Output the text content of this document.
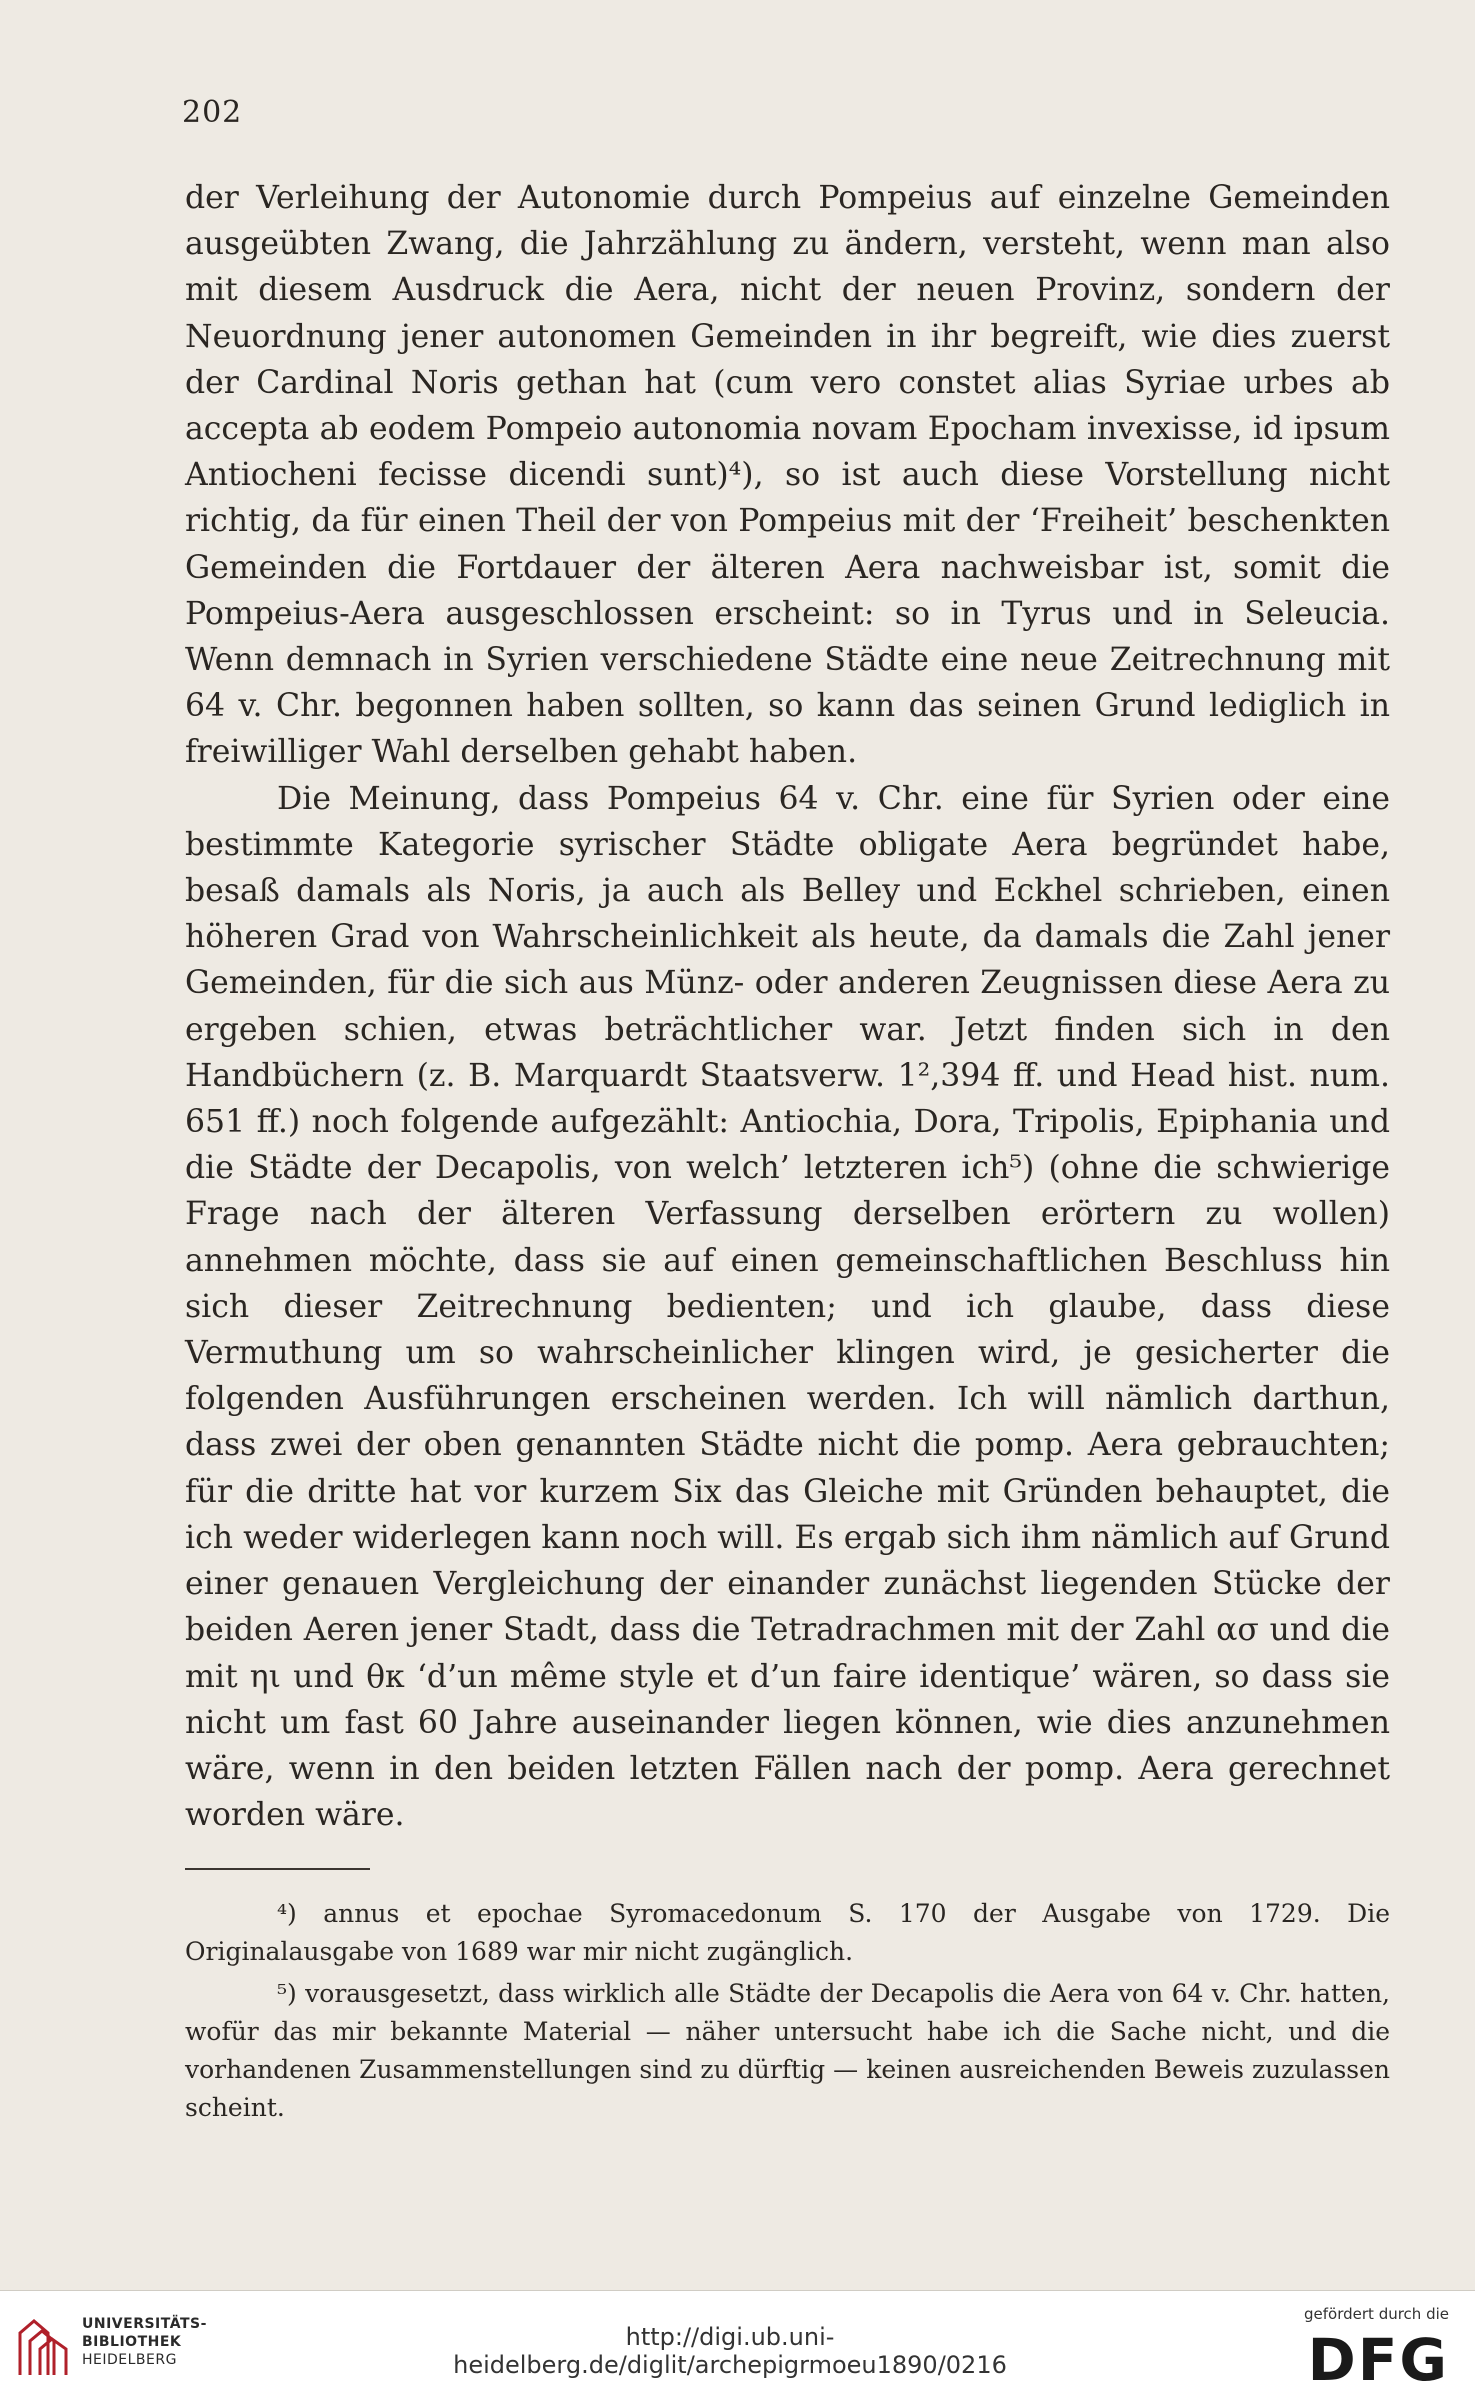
202

der Verleihung der Autonomie durch Pompeius auf einzelne Gemeinden ausgeübten Zwang, die Jahrzählung zu ändern, versteht, wenn man also mit diesem Ausdruck die Aera, nicht der neuen Provinz, sondern der Neuordnung jener autonomen Gemeinden in ihr begreift, wie dies zuerst der Cardinal Noris gethan hat (cum vero constet alias Syriae urbes ab accepta ab eodem Pompeio autonomia novam Epocham invexisse, id ipsum Antiocheni fecisse dicendi sunt)⁴), so ist auch diese Vorstellung nicht richtig, da für einen Theil der von Pompeius mit der ‘Freiheit’ beschenkten Gemeinden die Fortdauer der älteren Aera nachweisbar ist, somit die Pompeius-Aera ausgeschlossen erscheint: so in Tyrus und in Seleucia. Wenn demnach in Syrien verschiedene Städte eine neue Zeitrechnung mit 64 v. Chr. begonnen haben sollten, so kann das seinen Grund lediglich in freiwilliger Wahl derselben gehabt haben.

Die Meinung, dass Pompeius 64 v. Chr. eine für Syrien oder eine bestimmte Kategorie syrischer Städte obligate Aera begründet habe, besaß damals als Noris, ja auch als Belley und Eckhel schrieben, einen höheren Grad von Wahrscheinlichkeit als heute, da damals die Zahl jener Gemeinden, für die sich aus Münz- oder anderen Zeugnissen diese Aera zu ergeben schien, etwas beträchtlicher war. Jetzt finden sich in den Handbüchern (z. B. Marquardt Staatsverw. 1²,394 ff. und Head hist. num. 651 ff.) noch folgende aufgezählt: Antiochia, Dora, Tripolis, Epiphania und die Städte der Decapolis, von welch’ letzteren ich⁵) (ohne die schwierige Frage nach der älteren Verfassung derselben erörtern zu wollen) annehmen möchte, dass sie auf einen gemeinschaftlichen Beschluss hin sich dieser Zeitrechnung bedienten; und ich glaube, dass diese Vermuthung um so wahrscheinlicher klingen wird, je gesicherter die folgenden Ausführungen erscheinen werden. Ich will nämlich darthun, dass zwei der oben genannten Städte nicht die pomp. Aera gebrauchten; für die dritte hat vor kurzem Six das Gleiche mit Gründen behauptet, die ich weder widerlegen kann noch will. Es ergab sich ihm nämlich auf Grund einer genauen Vergleichung der einander zunächst liegenden Stücke der beiden Aeren jener Stadt, dass die Tetradrachmen mit der Zahl ασ und die mit ηι und θκ ‘d’un même style et d’un faire identique’ wären, so dass sie nicht um fast 60 Jahre auseinander liegen können, wie dies anzunehmen wäre, wenn in den beiden letzten Fällen nach der pomp. Aera gerechnet worden wäre.

⁴) annus et epochae Syromacedonum S. 170 der Ausgabe von 1729. Die Originalausgabe von 1689 war mir nicht zugänglich.

⁵) vorausgesetzt, dass wirklich alle Städte der Decapolis die Aera von 64 v. Chr. hatten, wofür das mir bekannte Material — näher untersucht habe ich die Sache nicht, und die vorhandenen Zusammenstellungen sind zu dürftig — keinen ausreichenden Beweis zuzulassen scheint.

UNIVERSITÄTS-
BIBLIOTHEK
HEIDELBERG
http://digi.ub.uni-heidelberg.de/diglit/archepigrmoeu1890/0216
gefördert durch die
DFG
